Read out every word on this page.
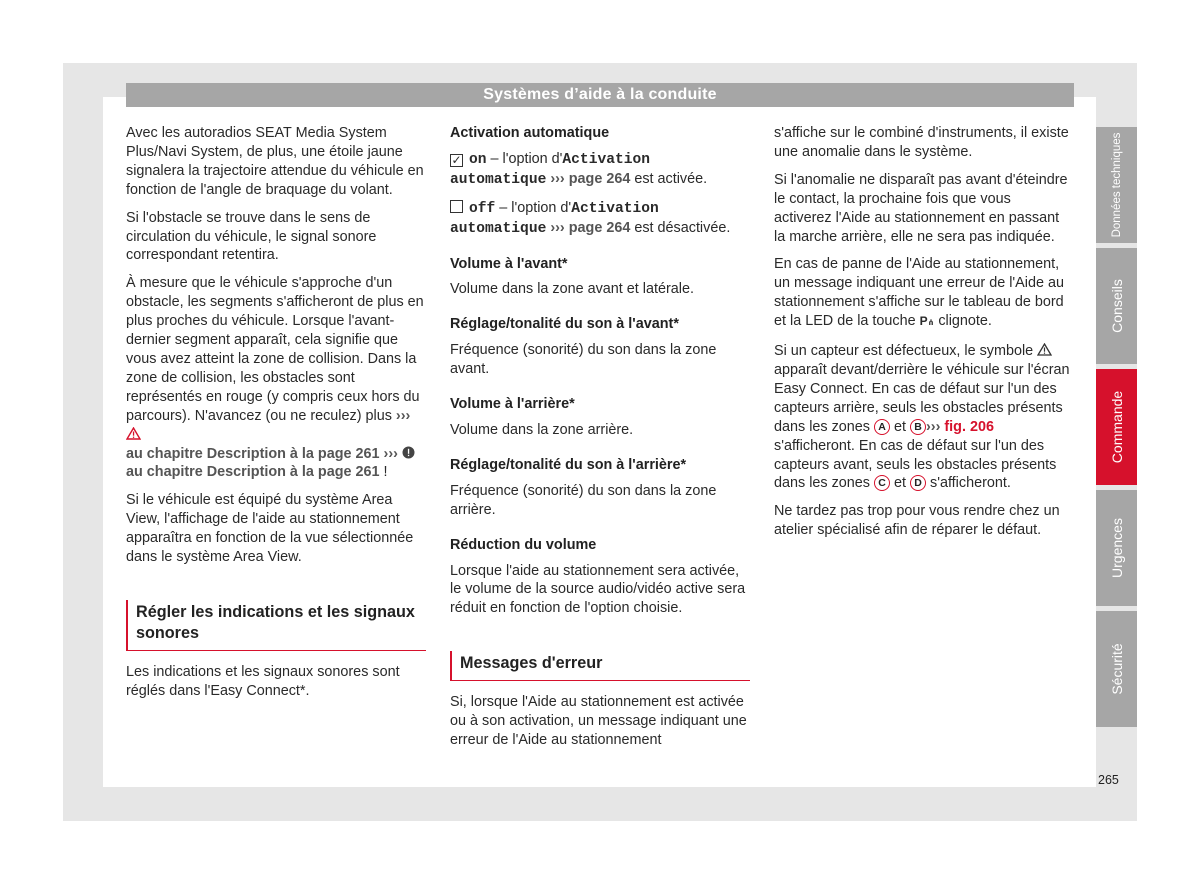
Systèmes d’aide à la conduite

Avec les autoradios SEAT Media System Plus/Navi System, de plus, une étoile jaune signalera la trajectoire attendue du véhicule en fonction de l'angle de braquage du volant.

Si l'obstacle se trouve dans le sens de circulation du véhicule, le signal sonore correspondant retentira.

À mesure que le véhicule s'approche d'un obstacle, les segments s'afficheront de plus en plus proches du véhicule. Lorsque l'avant-dernier segment apparaît, cela signifie que vous avez atteint la zone de collision. Dans la zone de collision, les obstacles sont représentés en rouge (y compris ceux hors du parcours). N'avancez (ou ne reculez) plus ›››
au chapitre Description à la page 261 ›››
au chapitre Description à la page 261 !

Si le véhicule est équipé du système Area View, l'affichage de l'aide au stationnement apparaîtra en fonction de la vue sélectionnée dans le système Area View.

Régler les indications et les signaux sonores

Les indications et les signaux sonores sont réglés dans l'Easy Connect*.

Activation automatique

✓ on – l'option d'Activation automatique ››› page 264 est activée.

off – l'option d'Activation automatique ››› page 264 est désactivée.

Volume à l'avant*

Volume dans la zone avant et latérale.

Réglage/tonalité du son à l'avant*

Fréquence (sonorité) du son dans la zone avant.

Volume à l'arrière*

Volume dans la zone arrière.

Réglage/tonalité du son à l'arrière*

Fréquence (sonorité) du son dans la zone arrière.

Réduction du volume

Lorsque l'aide au stationnement sera activée, le volume de la source audio/vidéo active sera réduit en fonction de l'option choisie.

Messages d'erreur

Si, lorsque l'Aide au stationnement est activée ou à son activation, un message indiquant une erreur de l'Aide au stationnement

s'affiche sur le combiné d'instruments, il existe une anomalie dans le système.

Si l'anomalie ne disparaît pas avant d'éteindre le contact, la prochaine fois que vous activerez l'Aide au stationnement en passant la marche arrière, elle ne sera pas indiquée.

En cas de panne de l'Aide au stationnement, un message indiquant une erreur de l'Aide au stationnement s'affiche sur le tableau de bord et la LED de la touche P⋔ clignote.

Si un capteur est défectueux, le symbole  apparaît devant/derrière le véhicule sur l'écran Easy Connect. En cas de défaut sur l'un des capteurs arrière, seuls les obstacles présents dans les zones A et B ››› fig. 206 s'afficheront. En cas de défaut sur l'un des capteurs avant, seuls les obstacles présents dans les zones C et D s'afficheront.

Ne tardez pas trop pour vous rendre chez un atelier spécialisé afin de réparer le défaut.

Données techniques
Conseils
Commande
Urgences
Sécurité
265
